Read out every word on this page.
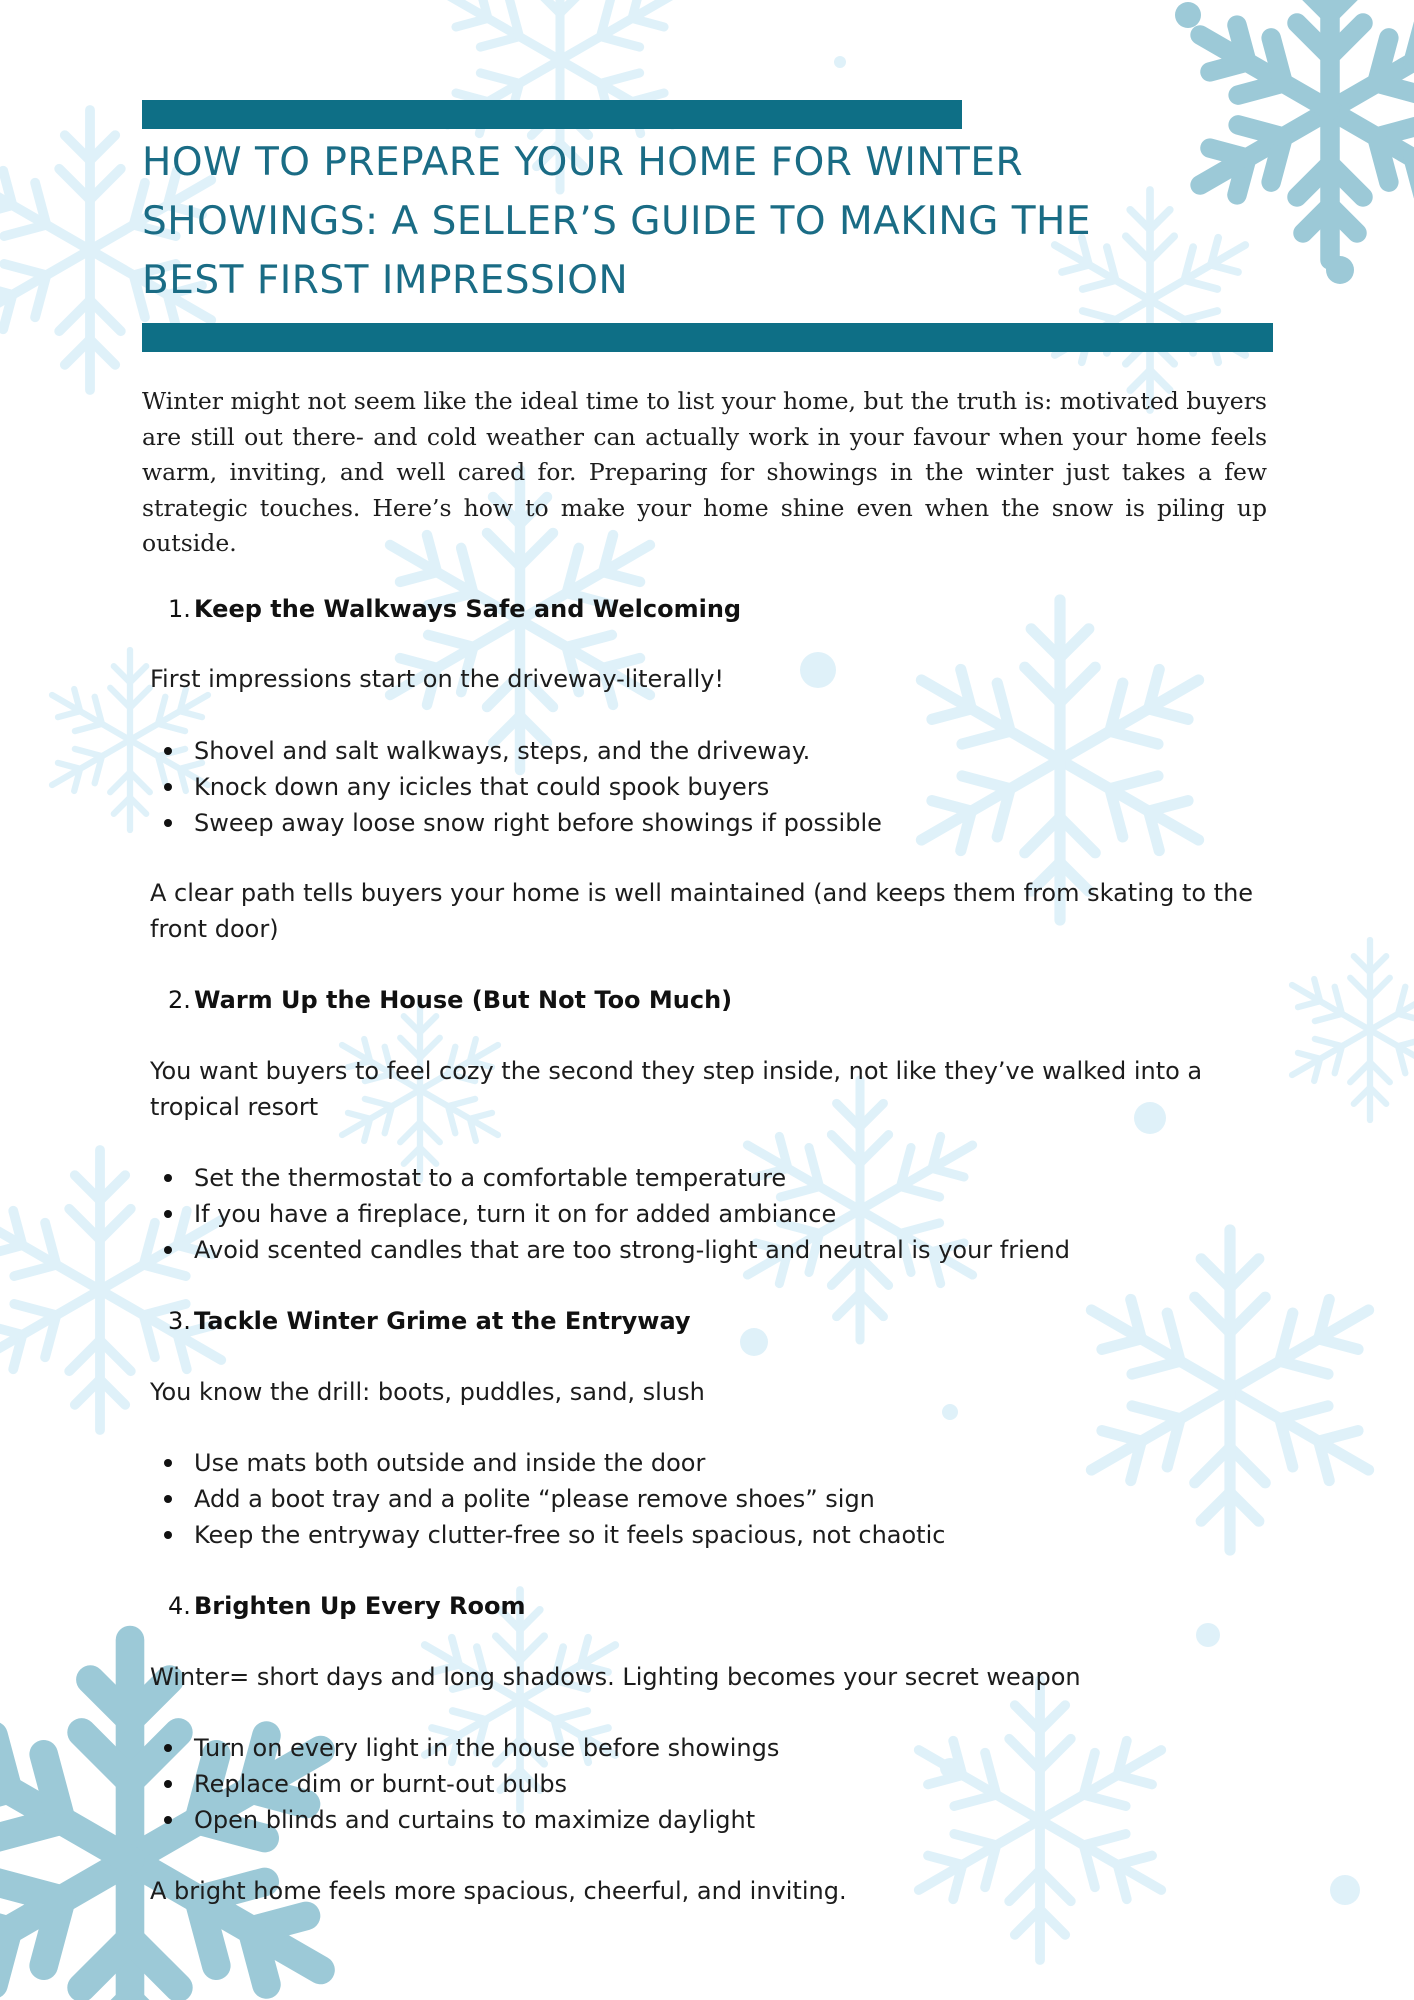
HOW TO PREPARE YOUR HOME FOR WINTER SHOWINGS: A SELLER’S GUIDE TO MAKING THE BEST FIRST IMPRESSION

Winter might not seem like the ideal time to list your home, but the truth is: motivated buyers are still out there- and cold weather can actually work in your favour when your home feels warm, inviting, and well cared for. Preparing for showings in the winter just takes a few strategic touches. Here’s how to make your home shine even when the snow is piling up outside.

1. Keep the Walkways Safe and Welcoming

First impressions start on the driveway-literally!

Shovel and salt walkways, steps, and the driveway.
Knock down any icicles that could spook buyers
Sweep away loose snow right before showings if possible

A clear path tells buyers your home is well maintained (and keeps them from skating to the front door)

2. Warm Up the House (But Not Too Much)

You want buyers to feel cozy the second they step inside, not like they’ve walked into a tropical resort

Set the thermostat to a comfortable temperature
If you have a fireplace, turn it on for added ambiance
Avoid scented candles that are too strong-light and neutral is your friend
3. Tackle Winter Grime at the Entryway

You know the drill: boots, puddles, sand, slush

Use mats both outside and inside the door
Add a boot tray and a polite “please remove shoes” sign
Keep the entryway clutter-free so it feels spacious, not chaotic
4. Brighten Up Every Room

Winter= short days and long shadows. Lighting becomes your secret weapon

Turn on every light in the house before showings
Replace dim or burnt-out bulbs
Open blinds and curtains to maximize daylight

A bright home feels more spacious, cheerful, and inviting.
